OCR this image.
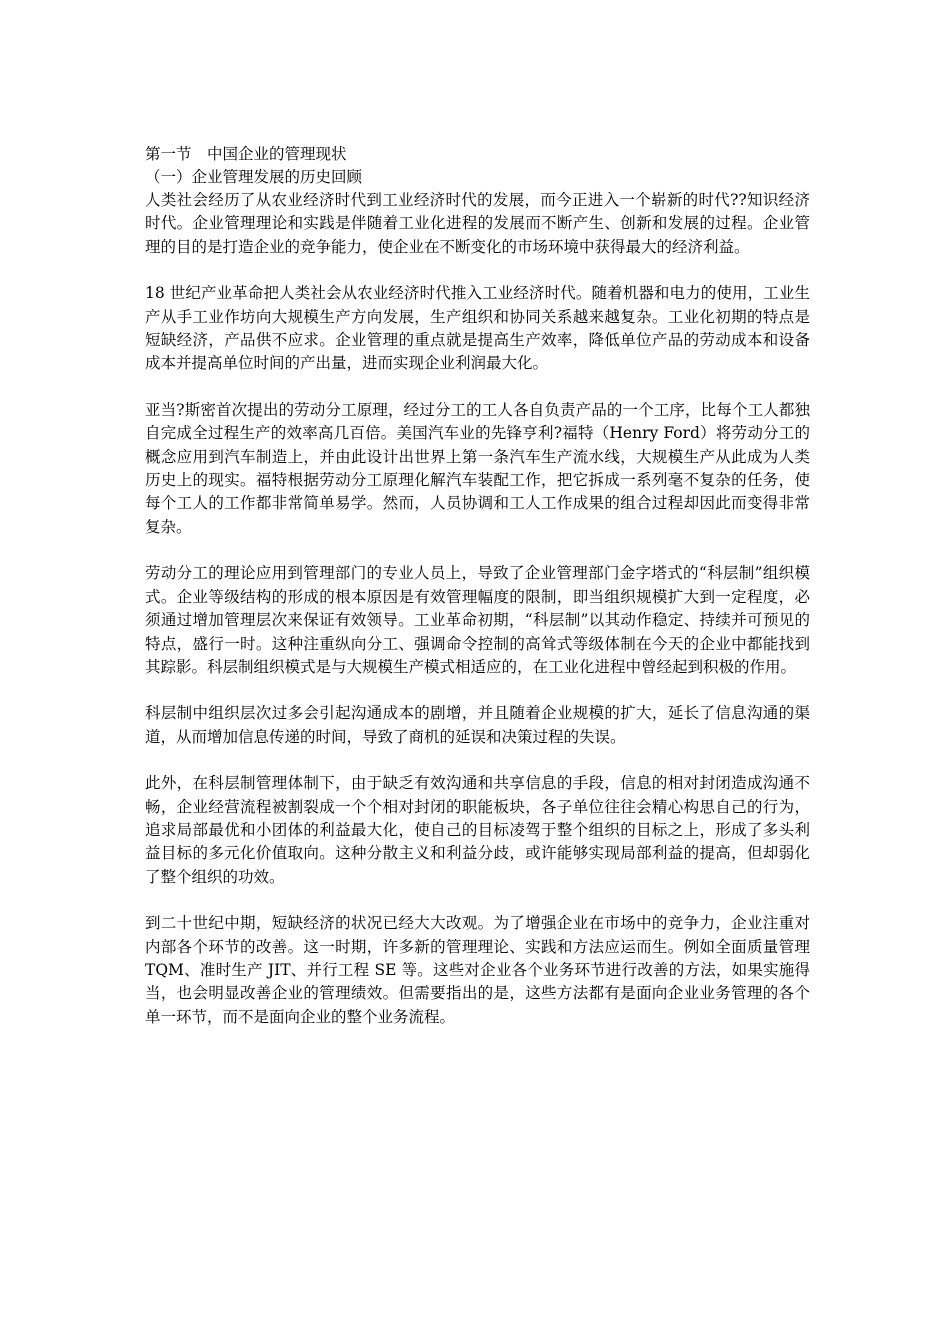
第一节　中国企业的管理现状

（一）企业管理发展的历史回顾

人类社会经历了从农业经济时代到工业经济时代的发展，而今正进入一个崭新的时代??知识经济时代。企业管理理论和实践是伴随着工业化进程的发展而不断产生、创新和发展的过程。企业管理的目的是打造企业的竞争能力，使企业在不断变化的市场环境中获得最大的经济利益。

18 世纪产业革命把人类社会从农业经济时代推入工业经济时代。随着机器和电力的使用，工业生产从手工业作坊向大规模生产方向发展，生产组织和协同关系越来越复杂。工业化初期的特点是短缺经济，产品供不应求。企业管理的重点就是提高生产效率，降低单位产品的劳动成本和设备成本并提高单位时间的产出量，进而实现企业利润最大化。

亚当?斯密首次提出的劳动分工原理，经过分工的工人各自负责产品的一个工序，比每个工人都独自完成全过程生产的效率高几百倍。美国汽车业的先锋亨利?福特（Henry Ford）将劳动分工的概念应用到汽车制造上，并由此设计出世界上第一条汽车生产流水线，大规模生产从此成为人类历史上的现实。福特根据劳动分工原理化解汽车装配工作，把它拆成一系列毫不复杂的任务，使每个工人的工作都非常简单易学。然而，人员协调和工人工作成果的组合过程却因此而变得非常复杂。

劳动分工的理论应用到管理部门的专业人员上，导致了企业管理部门金字塔式的“科层制”组织模式。企业等级结构的形成的根本原因是有效管理幅度的限制，即当组织规模扩大到一定程度，必须通过增加管理层次来保证有效领导。工业革命初期，“科层制”以其动作稳定、持续并可预见的特点，盛行一时。这种注重纵向分工、强调命令控制的高耸式等级体制在今天的企业中都能找到其踪影。科层制组织模式是与大规模生产模式相适应的，在工业化进程中曾经起到积极的作用。

科层制中组织层次过多会引起沟通成本的剧增，并且随着企业规模的扩大，延长了信息沟通的渠道，从而增加信息传递的时间，导致了商机的延误和决策过程的失误。

此外，在科层制管理体制下，由于缺乏有效沟通和共享信息的手段，信息的相对封闭造成沟通不畅，企业经营流程被割裂成一个个相对封闭的职能板块，各子单位往往会精心构思自己的行为，追求局部最优和小团体的利益最大化，使自己的目标凌驾于整个组织的目标之上，形成了多头利益目标的多元化价值取向。这种分散主义和利益分歧，或许能够实现局部利益的提高，但却弱化了整个组织的功效。

到二十世纪中期，短缺经济的状况已经大大改观。为了增强企业在市场中的竞争力，企业注重对内部各个环节的改善。这一时期，许多新的管理理论、实践和方法应运而生。例如全面质量管理 TQM、准时生产 JIT、并行工程 SE 等。这些对企业各个业务环节进行改善的方法，如果实施得当，也会明显改善企业的管理绩效。但需要指出的是，这些方法都有是面向企业业务管理的各个单一环节，而不是面向企业的整个业务流程。
